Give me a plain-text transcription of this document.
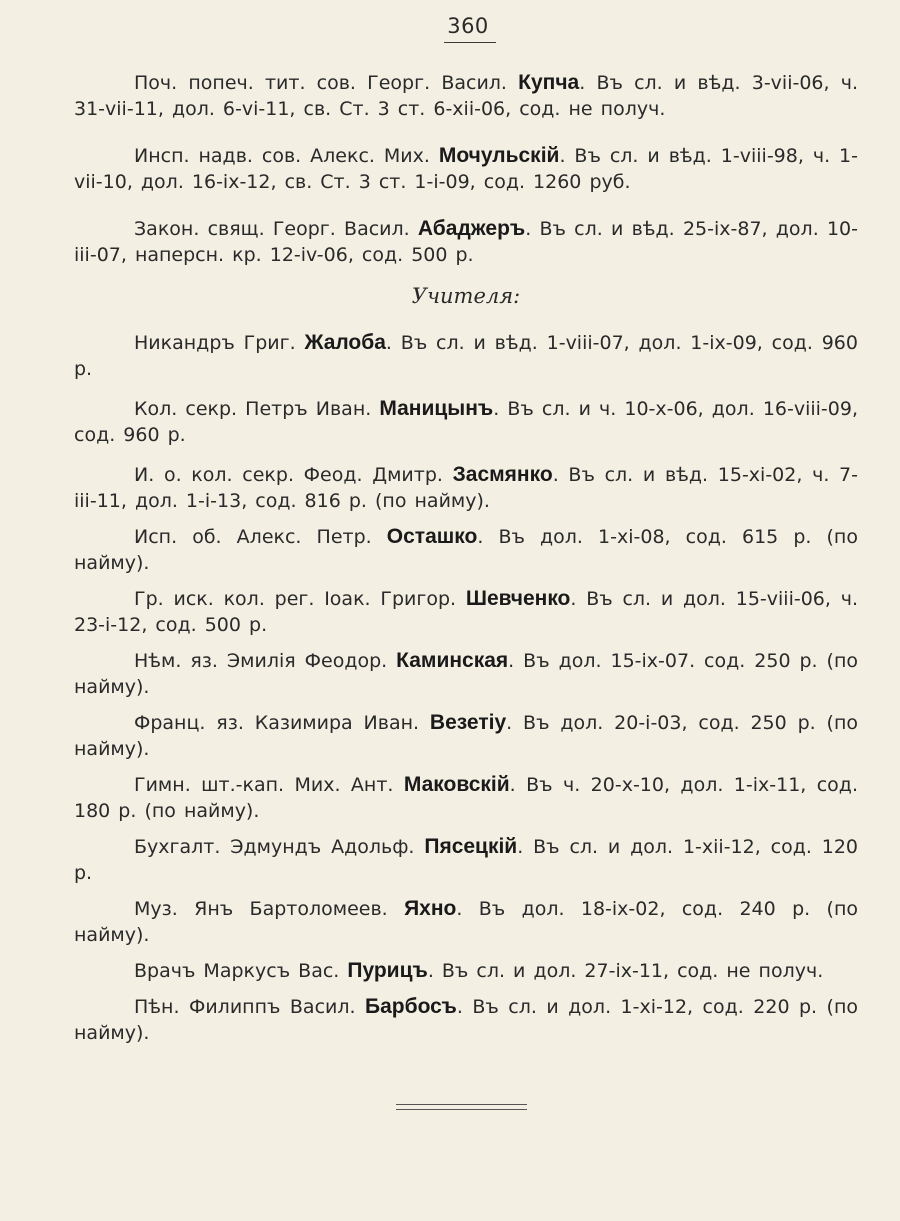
360

Поч. попеч. тит. сов. Георг. Васил. Купча. Въ сл. и вѣд. 3-vii-06, ч. 31-vii-11, дол. 6-vi-11, св. Ст. 3 ст. 6-xii-06, сод. не получ.

Инсп. надв. сов. Алекс. Мих. Мочульскій. Въ сл. и вѣд. 1-viii-98, ч. 1-vii-10, дол. 16-ix-12, св. Ст. 3 ст. 1-i-09, сод. 1260 руб.

Закон. свящ. Георг. Васил. Абаджеръ. Въ сл. и вѣд. 25-ix-87, дол. 10-iii-07, наперсн. кр. 12-iv-06, сод. 500 р.

Учителя:

Никандръ Григ. Жалоба. Въ сл. и вѣд. 1-viii-07, дол. 1-ix-09, сод. 960 р.

Кол. секр. Петръ Иван. Маницынъ. Въ сл. и ч. 10-x-06, дол. 16-viii-09, сод. 960 р.

И. о. кол. секр. Феод. Дмитр. Засмянко. Въ сл. и вѣд. 15-xi-02, ч. 7-iii-11, дол. 1-i-13, сод. 816 р. (по найму).

Исп. об. Алекс. Петр. Осташко. Въ дол. 1-xi-08, сод. 615 р. (по найму).

Гр. иск. кол. рег. Іоак. Григор. Шевченко. Въ сл. и дол. 15-viii-06, ч. 23-i-12, сод. 500 р.

Нѣм. яз. Эмилія Феодор. Каминская. Въ дол. 15-ix-07. сод. 250 р. (по найму).

Франц. яз. Казимира Иван. Везетіу. Въ дол. 20-i-03, сод. 250 р. (по найму).

Гимн. шт.-кап. Мих. Ант. Маковскій. Въ ч. 20-x-10, дол. 1-ix-11, сод. 180 р. (по найму).

Бухгалт. Эдмундъ Адольф. Пясецкій. Въ сл. и дол. 1-xii-12, сод. 120 р.

Муз. Янъ Бартоломеев. Яхно. Въ дол. 18-ix-02, сод. 240 р. (по найму).

Врачъ Маркусъ Вас. Пурицъ. Въ сл. и дол. 27-ix-11, сод. не получ.

Пѣн. Филиппъ Васил. Барбосъ. Въ сл. и дол. 1-xi-12, сод. 220 р. (по найму).
